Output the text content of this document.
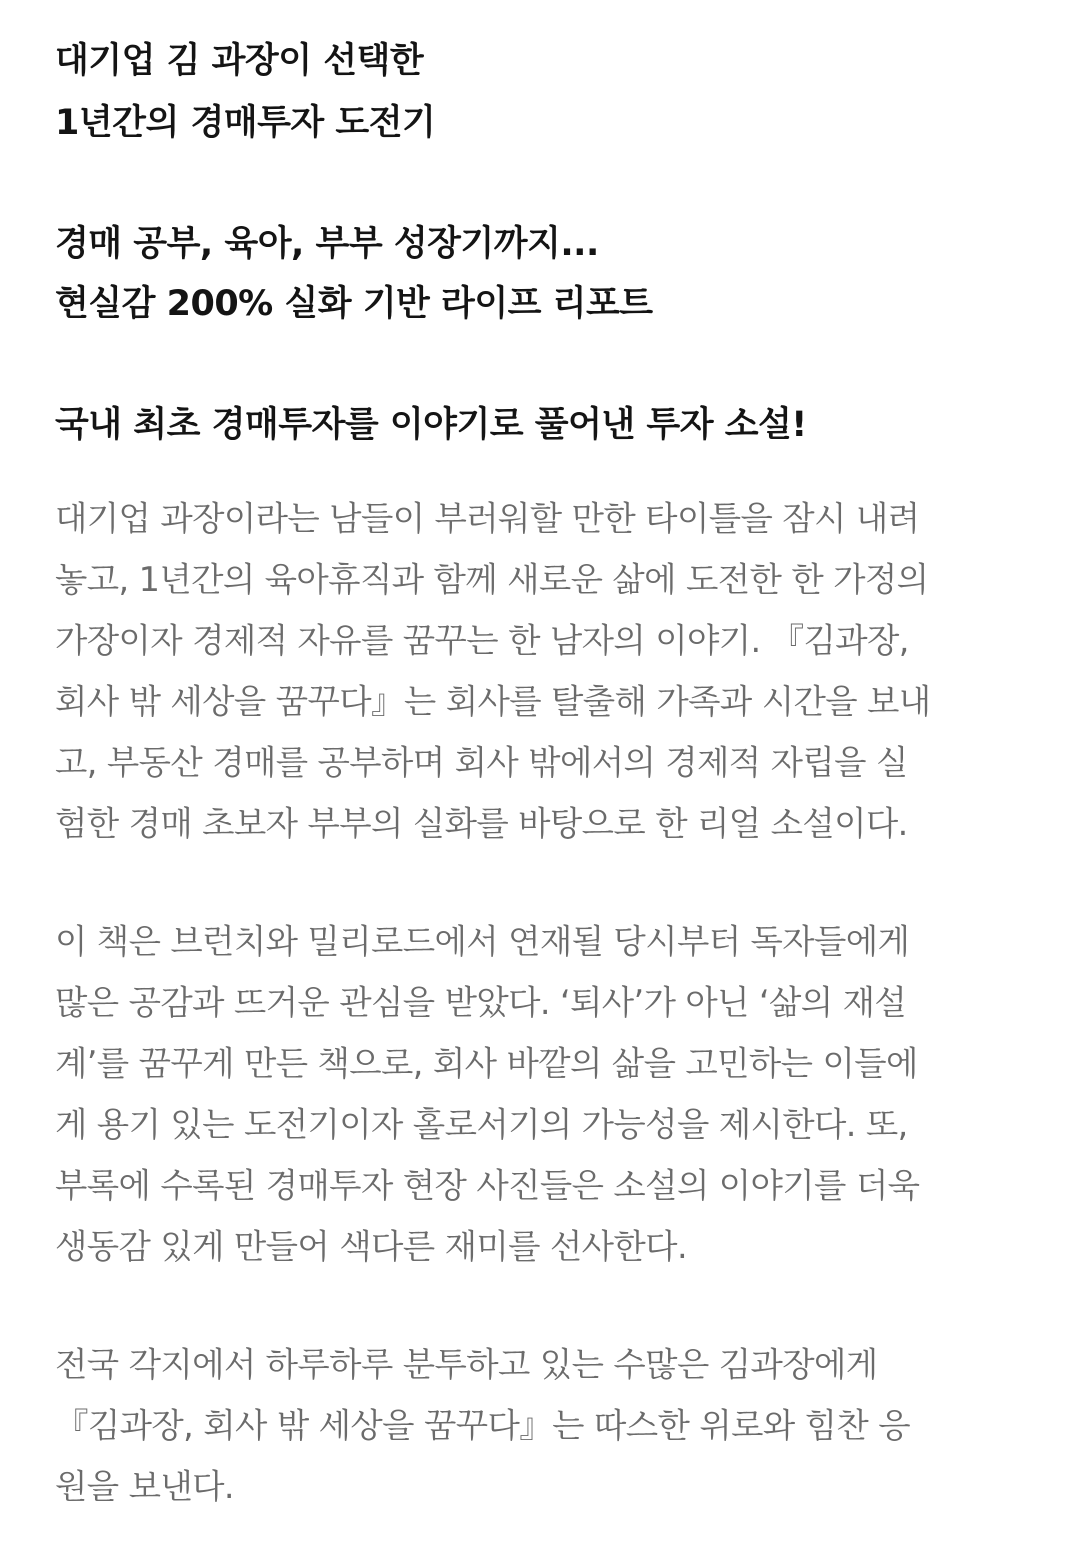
대기업 김 과장이 선택한

1년간의 경매투자 도전기

경매 공부, 육아, 부부 성장기까지...

현실감 200% 실화 기반 라이프 리포트

국내 최초 경매투자를 이야기로 풀어낸 투자 소설!

대기업 과장이라는 남들이 부러워할 만한 타이틀을 잠시 내려
놓고, 1년간의 육아휴직과 함께 새로운 삶에 도전한 한 가정의
가장이자 경제적 자유를 꿈꾸는 한 남자의 이야기. 『김과장,
회사 밖 세상을 꿈꾸다』는 회사를 탈출해 가족과 시간을 보내
고, 부동산 경매를 공부하며 회사 밖에서의 경제적 자립을 실
험한 경매 초보자 부부의 실화를 바탕으로 한 리얼 소설이다.
이 책은 브런치와 밀리로드에서 연재될 당시부터 독자들에게
많은 공감과 뜨거운 관심을 받았다. ‘퇴사’가 아닌 ‘삶의 재설
계’를 꿈꾸게 만든 책으로, 회사 바깥의 삶을 고민하는 이들에
게 용기 있는 도전기이자 홀로서기의 가능성을 제시한다. 또,
부록에 수록된 경매투자 현장 사진들은 소설의 이야기를 더욱
생동감 있게 만들어 색다른 재미를 선사한다.
전국 각지에서 하루하루 분투하고 있는 수많은 김과장에게
『김과장, 회사 밖 세상을 꿈꾸다』는 따스한 위로와 힘찬 응
원을 보낸다.
